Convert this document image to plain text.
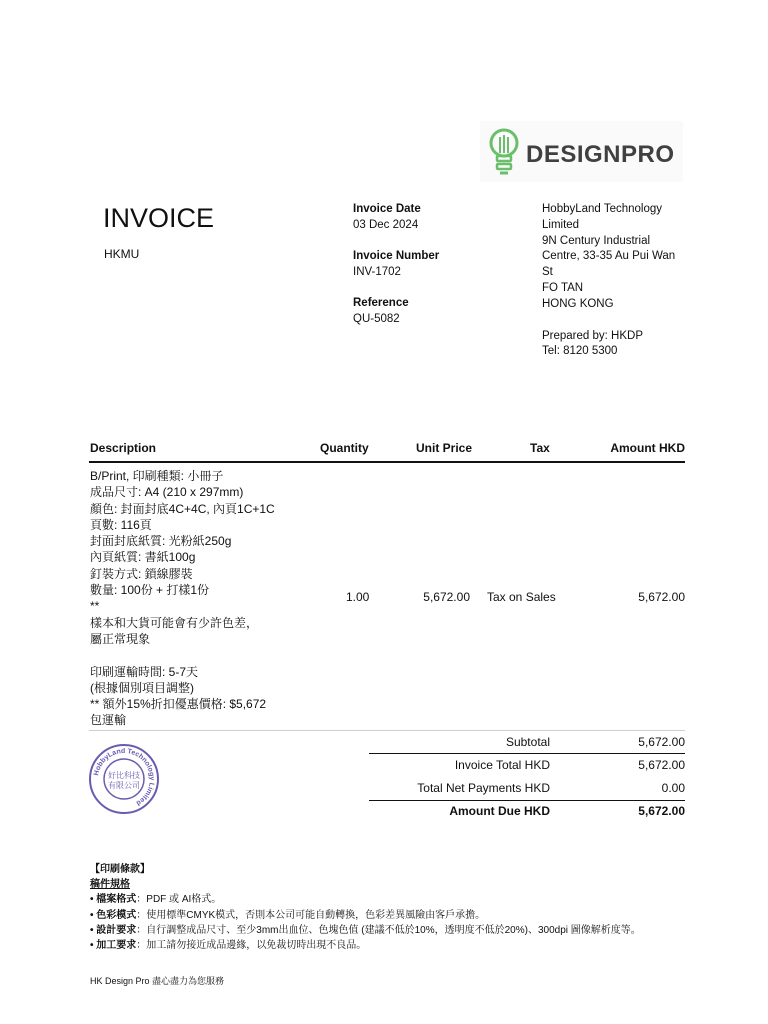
DESIGNPRO
INVOICE
HKMU
Invoice Date
03 Dec 2024
Invoice Number
INV-1702
Reference
QU-5082
HobbyLand Technology
Limited
9N Century Industrial
Centre, 33-35 Au Pui Wan
St
FO TAN
HONG KONG
Prepared by: HKDP
Tel: 8120 5300
Description	Quantity	Unit Price	Tax	Amount HKD
B/Print, 印刷種類: 小冊子
成品尺寸: A4 (210 x 297mm)
顏色: 封面封底4C+4C, 內頁1C+1C
頁數: 116頁
封面封底紙質: 光粉紙250g
內頁紙質: 書紙100g
釘裝方式: 鎖線膠裝
數量: 100份 + 打樣1份
**
樣本和大貨可能會有少許色差，
屬正常現象
印刷運輸時間: 5-7天
(根據個別項目調整)
** 額外15%折扣優惠價格: $5,672
包運輸
1.00	5,672.00 Tax on Sales	5,672.00
Subtotal	5,672.00
Invoice Total HKD	5,672.00
Total Net Payments HKD	0.00
Amount Due HKD	5,672.00
HobbyLand Technology Limited
好比科技
有限公司
【印刷條款】
稿件規格
• 檔案格式：PDF 或 AI格式。
• 色彩模式：使用標準CMYK模式，否則本公司可能自動轉換，色彩差異風險由客戶承擔。
• 設計要求：自行調整成品尺寸、至少3mm出血位、色塊色值 (建議不低於10%，透明度不低於20%)、300dpi 圖像解析度等。
• 加工要求：加工請勿接近成品邊緣，以免裁切時出現不良品。
HK Design Pro 盡心盡力為您服務
